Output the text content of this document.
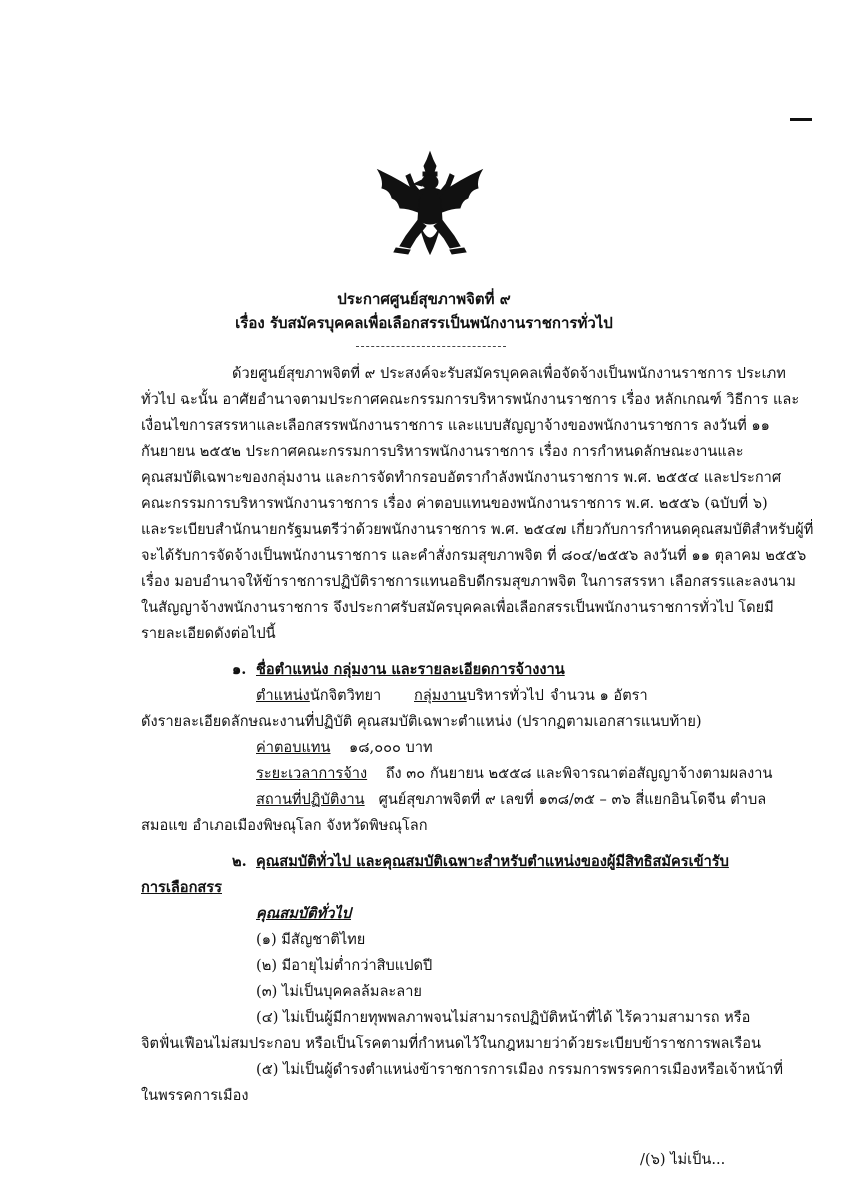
ประกาศศูนย์สุขภาพจิตที่ ๙
เรื่อง รับสมัครบุคคลเพื่อเลือกสรรเป็นพนักงานราชการทั่วไป
ด้วยศูนย์สุขภาพจิตที่ ๙ ประสงค์จะรับสมัครบุคคลเพื่อจัดจ้างเป็นพนักงานราชการ ประเภท
ทั่วไป ฉะนั้น อาศัยอำนาจตามประกาศคณะกรรมการบริหารพนักงานราชการ เรื่อง หลักเกณฑ์ วิธีการ และ
เงื่อนไขการสรรหาและเลือกสรรพนักงานราชการ และแบบสัญญาจ้างของพนักงานราชการ ลงวันที่ ๑๑
กันยายน ๒๕๕๒ ประกาศคณะกรรมการบริหารพนักงานราชการ เรื่อง การกำหนดลักษณะงานและ
คุณสมบัติเฉพาะของกลุ่มงาน และการจัดทำกรอบอัตรากำลังพนักงานราชการ พ.ศ. ๒๕๕๔ และประกาศ
คณะกรรมการบริหารพนักงานราชการ เรื่อง ค่าตอบแทนของพนักงานราชการ พ.ศ. ๒๕๕๖ (ฉบับที่ ๖)
และระเบียบสำนักนายกรัฐมนตรีว่าด้วยพนักงานราชการ พ.ศ. ๒๕๔๗ เกี่ยวกับการกำหนดคุณสมบัติสำหรับผู้ที่
จะได้รับการจัดจ้างเป็นพนักงานราชการ และคำสั่งกรมสุขภาพจิต ที่ ๘๐๔/๒๕๕๖ ลงวันที่ ๑๑ ตุลาคม ๒๕๕๖
เรื่อง มอบอำนาจให้ข้าราชการปฏิบัติราชการแทนอธิบดีกรมสุขภาพจิต ในการสรรหา เลือกสรรและลงนาม
ในสัญญาจ้างพนักงานราชการ จึงประกาศรับสมัครบุคคลเพื่อเลือกสรรเป็นพนักงานราชการทั่วไป โดยมี
รายละเอียดดังต่อไปนี้
๑. ชื่อตำแหน่ง กลุ่มงาน และรายละเอียดการจ้างงาน
ตำแหน่งนักจิตวิทยา กลุ่มงานบริหารทั่วไป จำนวน ๑ อัตรา
ดังรายละเอียดลักษณะงานที่ปฏิบัติ คุณสมบัติเฉพาะตำแหน่ง (ปรากฏตามเอกสารแนบท้าย)
ค่าตอบแทน ๑๘,๐๐๐ บาท
ระยะเวลาการจ้าง ถึง ๓๐ กันยายน ๒๕๕๘ และพิจารณาต่อสัญญาจ้างตามผลงาน
สถานที่ปฏิบัติงาน ศูนย์สุขภาพจิตที่ ๙ เลขที่ ๑๓๘/๓๕ – ๓๖ สี่แยกอินโดจีน ตำบล
สมอแข อำเภอเมืองพิษณุโลก จังหวัดพิษณุโลก
๒. คุณสมบัติทั่วไป และคุณสมบัติเฉพาะสำหรับตำแหน่งของผู้มีสิทธิสมัครเข้ารับ
การเลือกสรร
คุณสมบัติทั่วไป
(๑) มีสัญชาติไทย
(๒) มีอายุไม่ต่ำกว่าสิบแปดปี
(๓) ไม่เป็นบุคคลล้มละลาย
(๔) ไม่เป็นผู้มีกายทุพพลภาพจนไม่สามารถปฏิบัติหน้าที่ได้ ไร้ความสามารถ หรือ
จิตฟั่นเฟือนไม่สมประกอบ หรือเป็นโรคตามที่กำหนดไว้ในกฎหมายว่าด้วยระเบียบข้าราชการพลเรือน
(๕) ไม่เป็นผู้ดำรงตำแหน่งข้าราชการการเมือง กรรมการพรรคการเมืองหรือเจ้าหน้าที่
ในพรรคการเมือง
/(๖) ไม่เป็น...
